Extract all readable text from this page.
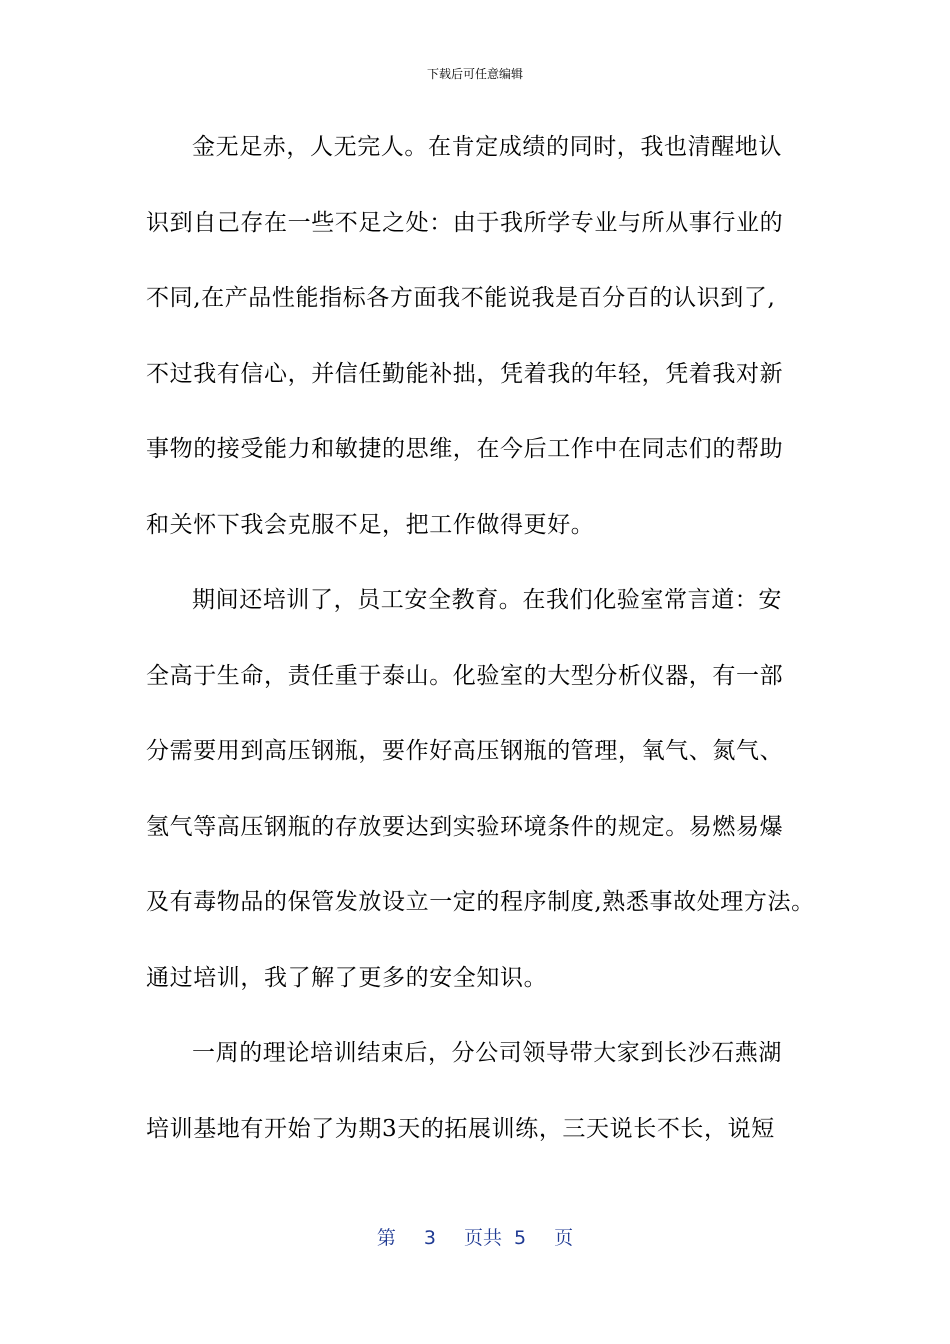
下载后可任意编辑
金无足赤，人无完人。在肯定成绩的同时，我也清醒地认
识到自己存在一些不足之处：由于我所学专业与所从事行业的
不同,在产品性能指标各方面我不能说我是百分百的认识到了,
不过我有信心，并信任勤能补拙，凭着我的年轻，凭着我对新
事物的接受能力和敏捷的思维，在今后工作中在同志们的帮助
和关怀下我会克服不足，把工作做得更好。
期间还培训了，员工安全教育。在我们化验室常言道：安
全高于生命，责任重于泰山。化验室的大型分析仪器，有一部
分需要用到高压钢瓶，要作好高压钢瓶的管理，氧气、氮气、
氢气等高压钢瓶的存放要达到实验环境条件的规定。易燃易爆
及有毒物品的保管发放设立一定的程序制度,熟悉事故处理方法。
通过培训，我了解了更多的安全知识。
一周的理论培训结束后，分公司领导带大家到长沙石燕湖
培训基地有开始了为期3天的拓展训练，三天说长不长，说短
第 3 页共 5 页
